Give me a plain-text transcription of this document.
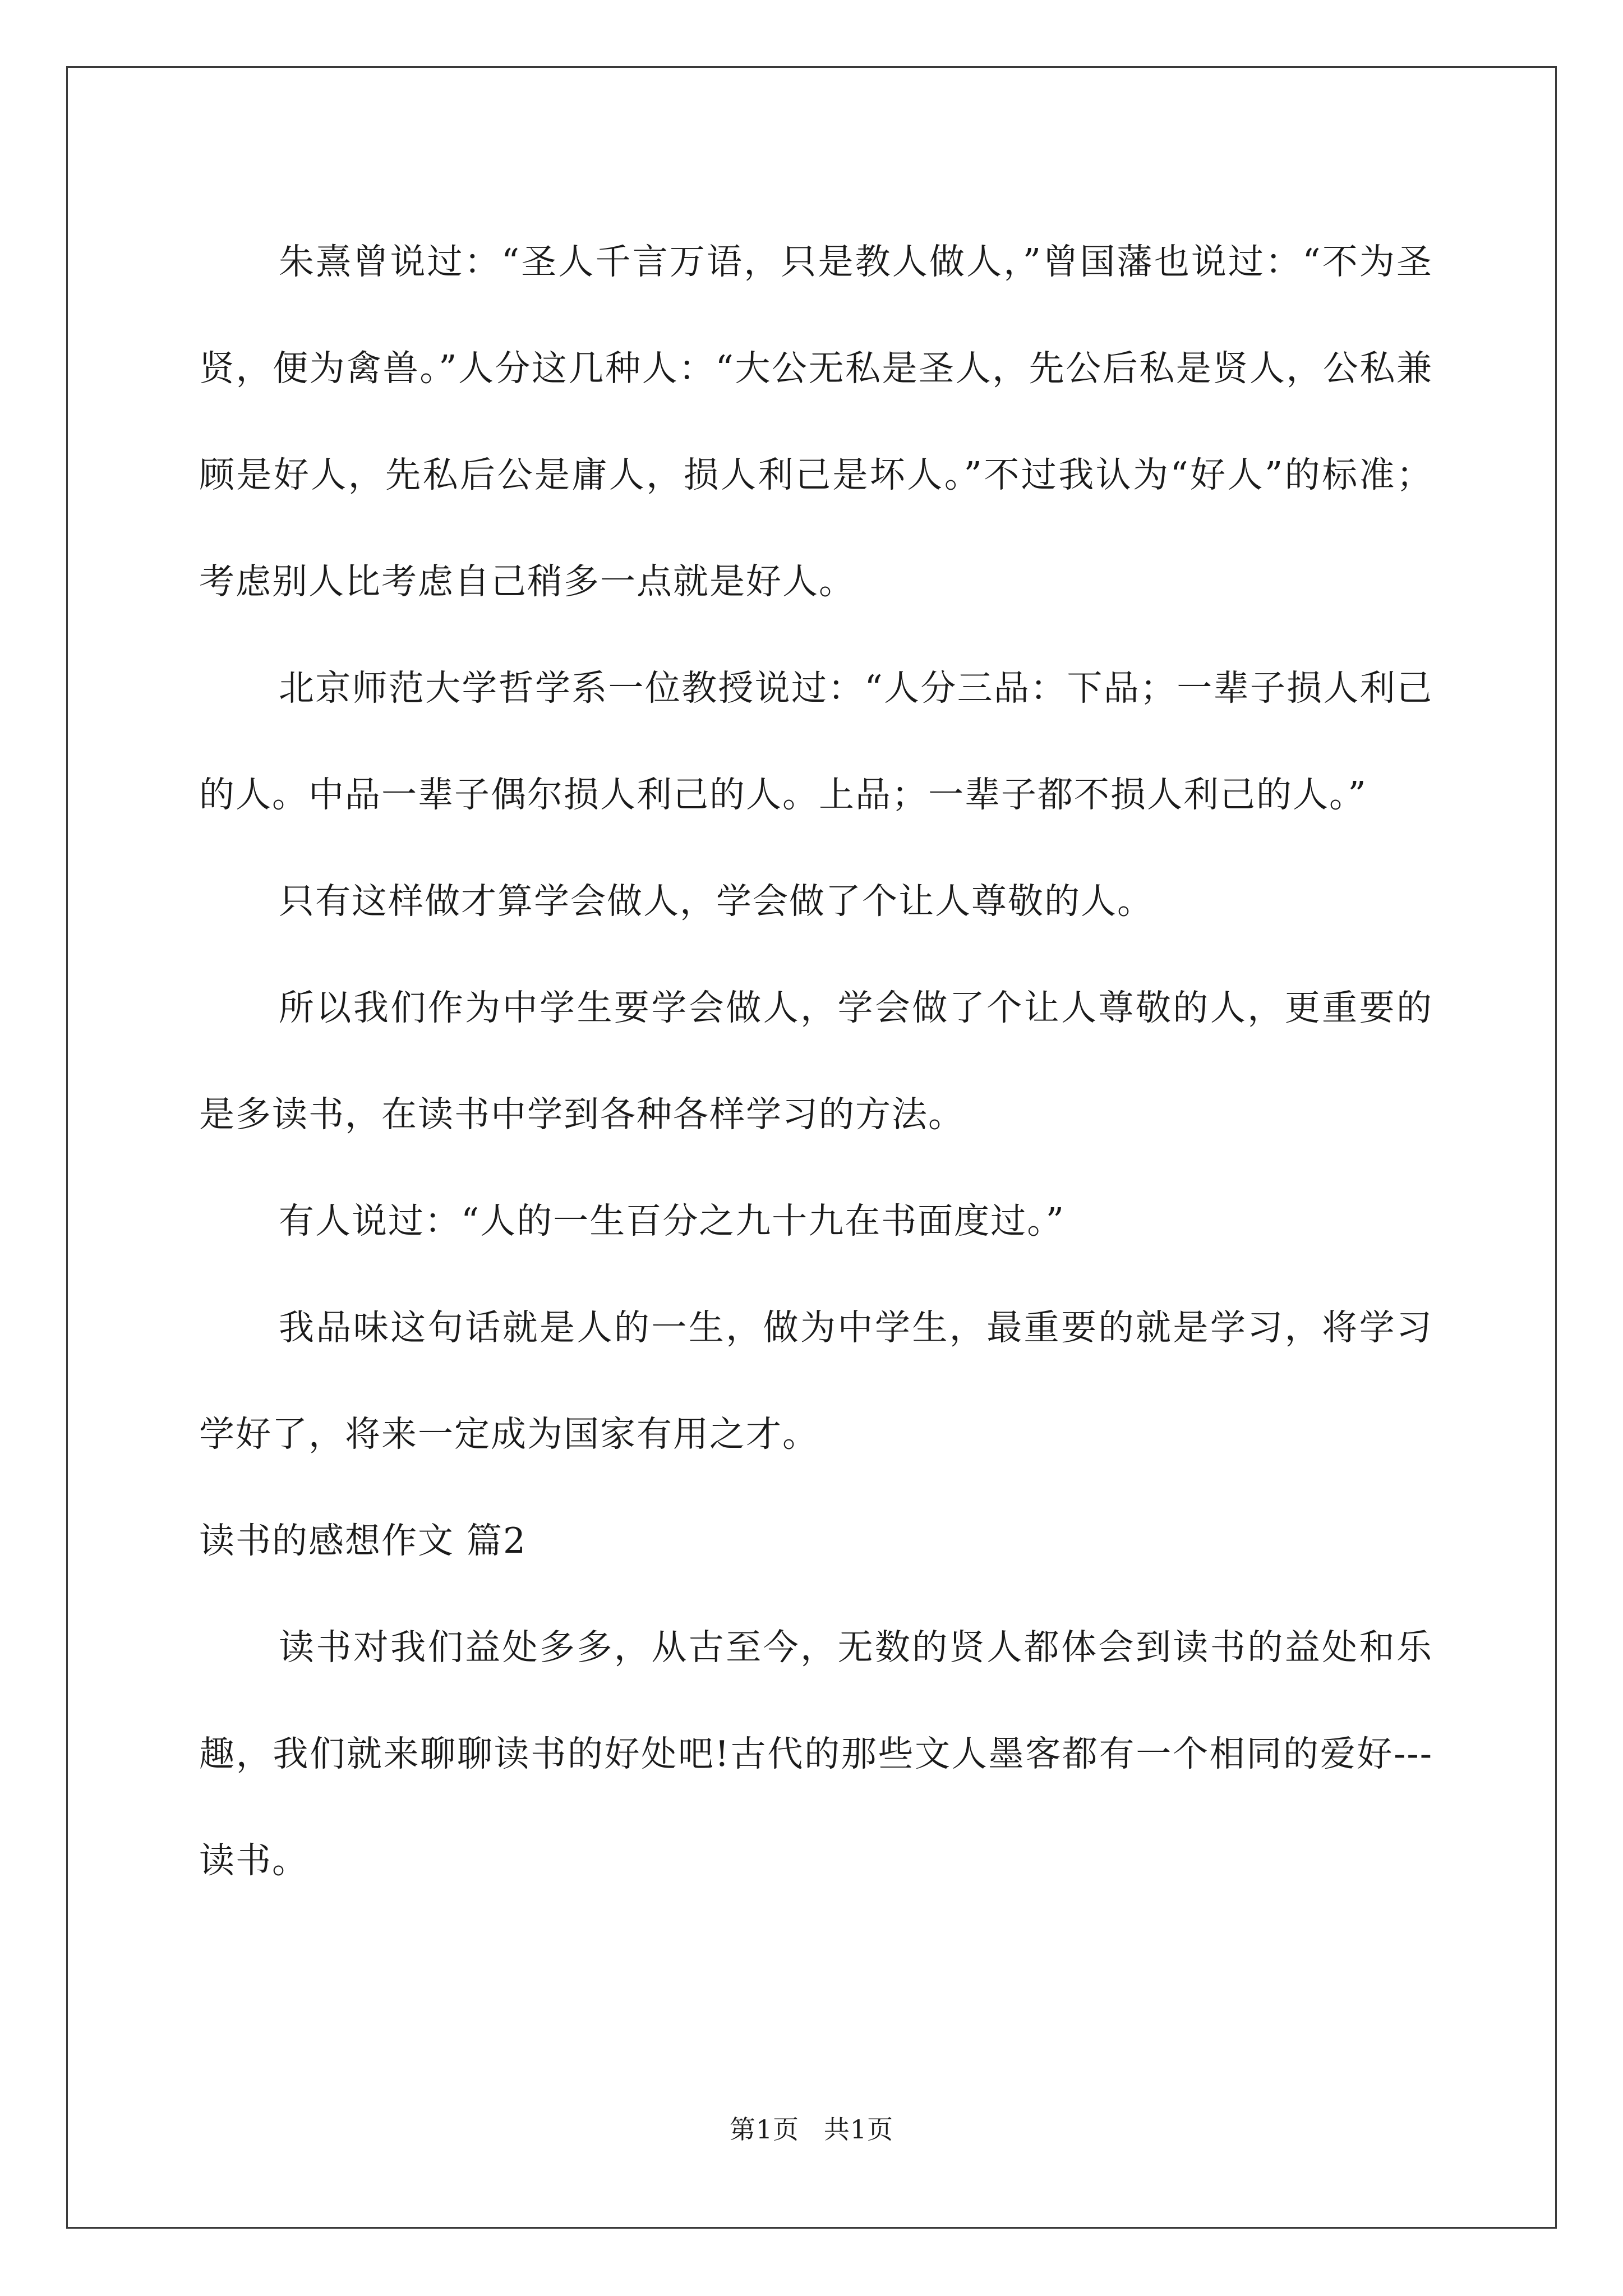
朱熹曾说过：“圣人千言万语，只是教人做人，”曾国藩也说过：“不为圣贤，便为禽兽。”人分这几种人：“大公无私是圣人，先公后私是贤人，公私兼顾是好人，先私后公是庸人，损人利己是坏人。”不过我认为“好人”的标准；考虑别人比考虑自己稍多一点就是好人。

北京师范大学哲学系一位教授说过：“人分三品：下品；一辈子损人利己的人。中品一辈子偶尔损人利己的人。上品；一辈子都不损人利己的人。”

只有这样做才算学会做人，学会做了个让人尊敬的人。

所以我们作为中学生要学会做人，学会做了个让人尊敬的人，更重要的是多读书，在读书中学到各种各样学习的方法。

有人说过：“人的一生百分之九十九在书面度过。”

我品味这句话就是人的一生，做为中学生，最重要的就是学习，将学习学好了，将来一定成为国家有用之才。

读书的感想作文 篇2

读书对我们益处多多，从古至今，无数的贤人都体会到读书的益处和乐趣，我们就来聊聊读书的好处吧!古代的那些文人墨客都有一个相同的爱好---读书。

第1页 共1页
